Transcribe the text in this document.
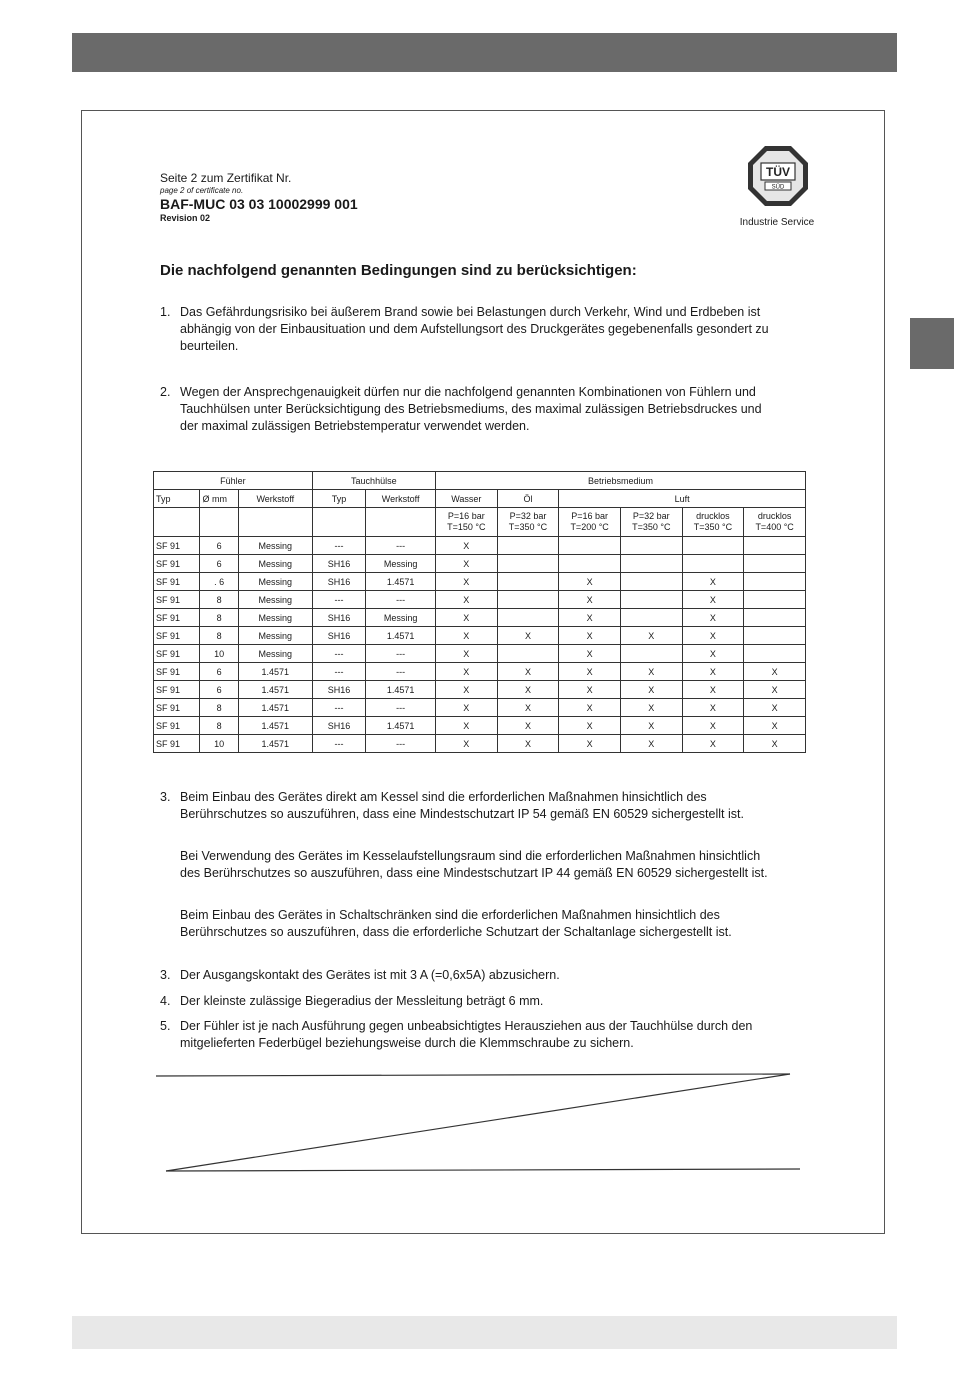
Seite 2 zum Zertifikat Nr.
page 2 of certificate no.
BAF-MUC 03 03 10002999 001
Revision 02
TÜV
SÜD
Industrie Service
Die nachfolgend genannten Bedingungen sind zu berücksichtigen:
1. Das Gefährdungsrisiko bei äußerem Brand sowie bei Belastungen durch Verkehr, Wind und Erdbeben ist abhängig von der Einbausituation und dem Aufstellungsort des Druckgerätes gegebenenfalls gesondert zu beurteilen.
2. Wegen der Ansprechgenauigkeit dürfen nur die nachfolgend genannten Kombinationen von Fühlern und Tauchhülsen unter Berücksichtigung des Betriebsmediums, des maximal zulässigen Betriebsdruckes und der maximal zulässigen Betriebstemperatur verwendet werden.
Fühler			Tauchhülse		Betriebsmedium					
Typ	Ø mm	Werkstoff	Typ	Werkstoff	Wasser	Öl	Luft			
					P=16 bar T=150 °C	P=32 bar T=350 °C	P=16 bar T=200 °C	P=32 bar T=350 °C	drucklos T=350 °C	drucklos T=400 °C
SF 91	6	Messing	---	---	X					
SF 91	6	Messing	SH16	Messing	X					
SF 91	. 6	Messing	SH16	1.4571	X		X		X	
SF 91	8	Messing	---	---	X		X		X	
SF 91	8	Messing	SH16	Messing	X		X		X	
SF 91	8	Messing	SH16	1.4571	X	X	X	X	X	
SF 91	10	Messing	---	---	X		X		X	
SF 91	6	1.4571	---	---	X	X	X	X	X	X
SF 91	6	1.4571	SH16	1.4571	X	X	X	X	X	X
SF 91	8	1.4571	---	---	X	X	X	X	X	X
SF 91	8	1.4571	SH16	1.4571	X	X	X	X	X	X
SF 91	10	1.4571	---	---	X	X	X	X	X	X
3. Beim Einbau des Gerätes direkt am Kessel sind die erforderlichen Maßnahmen hinsichtlich des Berührschutzes so auszuführen, dass eine Mindestschutzart IP 54 gemäß EN 60529 sichergestellt ist.
Bei Verwendung des Gerätes im Kesselaufstellungsraum sind die erforderlichen Maßnahmen hinsichtlich des Berührschutzes so auszuführen, dass eine Mindestschutzart IP 44 gemäß EN 60529 sichergestellt ist.
Beim Einbau des Gerätes in Schaltschränken sind die erforderlichen Maßnahmen hinsichtlich des Berührschutzes so auszuführen, dass die erforderliche Schutzart der Schaltanlage sichergestellt ist.
3. Der Ausgangskontakt des Gerätes ist mit 3 A (=0,6x5A) abzusichern.
4. Der kleinste zulässige Biegeradius der Messleitung beträgt 6 mm.
5. Der Fühler ist je nach Ausführung gegen unbeabsichtigtes Herausziehen aus der Tauchhülse durch den mitgelieferten Federbügel beziehungsweise durch die Klemmschraube zu sichern.
